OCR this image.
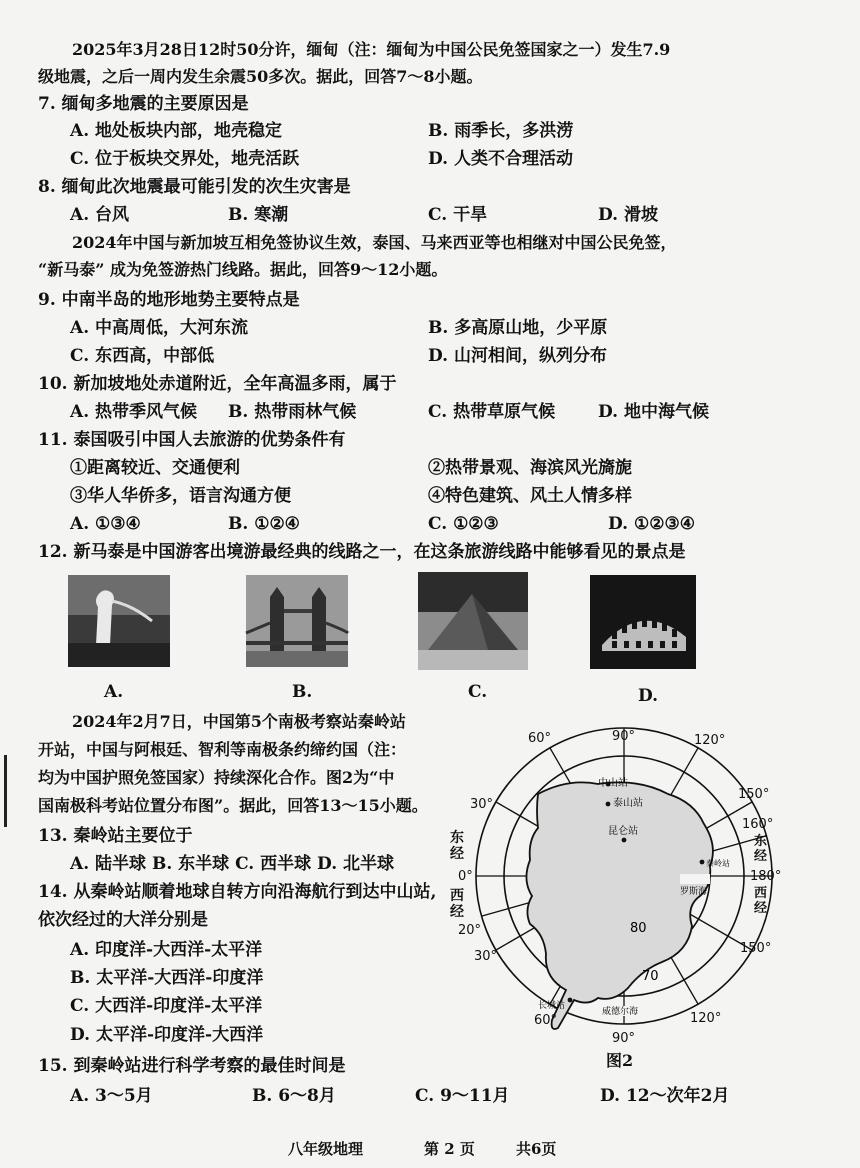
2025年3月28日12时50分许，缅甸（注：缅甸为中国公民免签国家之一）发生7.9
级地震，之后一周内发生余震50多次。据此，回答7～8小题。
7. 缅甸多地震的主要原因是
A. 地处板块内部，地壳稳定	B. 雨季长，多洪涝
C. 位于板块交界处，地壳活跃	D. 人类不合理活动
8. 缅甸此次地震最可能引发的次生灾害是
A. 台风	B. 寒潮	C. 干旱	D. 滑坡
2024年中国与新加坡互相免签协议生效，泰国、马来西亚等也相继对中国公民免签，
“新马泰” 成为免签游热门线路。据此，回答9～12小题。
9. 中南半岛的地形地势主要特点是
A. 中高周低，大河东流	B. 多高原山地，少平原
C. 东西高，中部低	D. 山河相间，纵列分布
10. 新加坡地处赤道附近，全年高温多雨，属于
A. 热带季风气候 B. 热带雨林气候	C. 热带草原气候	D. 地中海气候
11. 泰国吸引中国人去旅游的优势条件有
①距离较近、交通便利	②热带景观、海滨风光旖旎
③华人华侨多，语言沟通方便	④特色建筑、风土人情多样
A. ①③④	B. ①②④	C. ①②③	D. ①②③④
12. 新马泰是中国游客出境游最经典的线路之一，在这条旅游线路中能够看见的景点是
A.	B.	C.	D.
2024年2月7日，中国第5个南极考察站秦岭站
开站，中国与阿根廷、智利等南极条约缔约国（注：
均为中国护照免签国家）持续深化合作。图2为“中
国南极科考站位置分布图”。据此，回答13～15小题。
13. 秦岭站主要位于
A. 陆半球 B. 东半球 C. 西半球 D. 北半球
14. 从秦岭站顺着地球自转方向沿海航行到达中山站,
依次经过的大洋分别是
A. 印度洋-大西洋-太平洋
B. 太平洋-大西洋-印度洋
C. 大西洋-印度洋-太平洋
D. 太平洋-印度洋-大西洋
15. 到秦岭站进行科学考察的最佳时间是
A. 3～5月	B. 6～8月	C. 9～11月	D. 12～次年2月
中山站
泰山站
昆仑站
秦岭站
罗斯海
长城站
威德尔海
80
70
90°
60°	120°
30°
150°
160°
0°	180°
20°
30°
150°
60°
90°
120°
东经
西经
东经
西经
图2
八年级地理	第 2 页	共6页
